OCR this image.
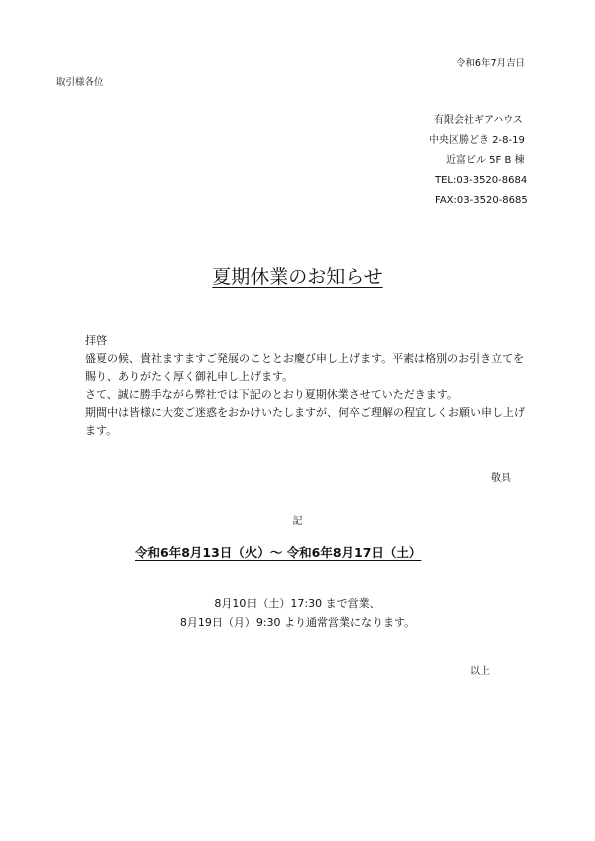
令和6年7月吉日
取引様各位
有限会社ギアハウス
中央区勝どき 2-8-19
近富ビル 5F B 棟
TEL:03-3520-8684
FAX:03-3520-8685
夏期休業のお知らせ

拝啓

盛夏の候、貴社ますますご発展のこととお慶び申し上げます。平素は格別のお引き立てを賜り、ありがたく厚く御礼申し上げます。

さて、誠に勝手ながら弊社では下記のとおり夏期休業させていただきます。

期間中は皆様に大変ご迷惑をおかけいたしますが、何卒ご理解の程宜しくお願い申し上げます。

敬具
記
令和6年8月13日（火）～ 令和6年8月17日（土）
8月10日（土）17:30 まで営業、
8月19日（月）9:30 より通常営業になります。
以上
